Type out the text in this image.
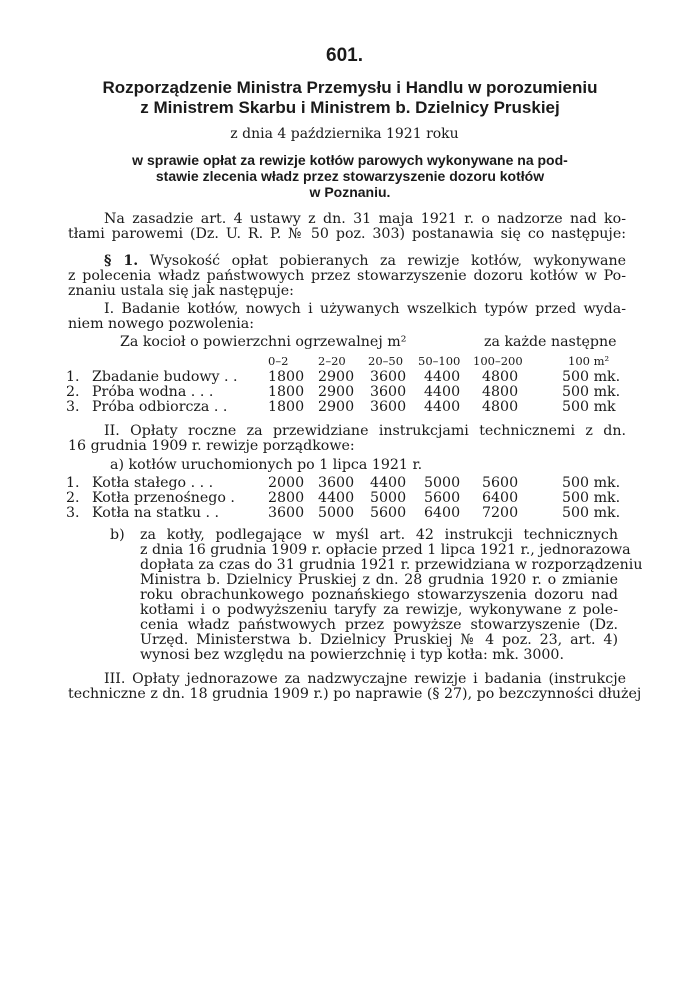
601.
Rozporządzenie Ministra Przemysłu i Handlu w porozumieniu
z Ministrem Skarbu i Ministrem b. Dzielnicy Pruskiej
z dnia 4 października 1921 roku
w sprawie opłat za rewizje kotłów parowych wykonywane na pod-
stawie zlecenia władz przez stowarzyszenie dozoru kotłów
w Poznaniu.
Na zasadzie art. 4 ustawy z dn. 31 maja 1921 r. o nadzorze nad ko-
tłami parowemi (Dz. U. R. P. № 50 poz. 303) postanawia się co następuje:
§ 1. Wysokość opłat pobieranych za rewizje kotłów, wykonywane
z polecenia władz państwowych przez stowarzyszenie dozoru kotłów w Po-
znaniu ustala się jak następuje:
I. Badanie kotłów, nowych i używanych wszelkich typów przed wyda-
niem nowego pozwolenia:
Za kocioł o powierzchni ogrzewalnej m²	za każde następne
0–2	2–20 20–50 50–100 100–200	100 m²
1. Zbadanie budowy . . 1800 2900 3600 4400 4800	500 mk.
2. Próba wodna . . .	1800 2900 3600 4400 4800	500 mk.
3. Próba odbiorcza . .	1800 2900 3600 4400 4800	500 mk
II. Opłaty roczne za przewidziane instrukcjami technicznemi z dn.
16 grudnia 1909 r. rewizje porządkowe:
a) kotłów uruchomionych po 1 lipca 1921 r.
1. Kotła stałego . . .	2000 3600 4400 5000 5600	500 mk.
2. Kotła przenośnego . 2800 4400 5000 5600 6400	500 mk.
3. Kotła na statku . .	3600 5000 5600 6400 7200	500 mk.
b) za kotły, podlegające w myśl art. 42 instrukcji technicznych
z dnia 16 grudnia 1909 r. opłacie przed 1 lipca 1921 r., jednorazowa
dopłata za czas do 31 grudnia 1921 r. przewidziana w rozporządzeniu
Ministra b. Dzielnicy Pruskiej z dn. 28 grudnia 1920 r. o zmianie
roku obrachunkowego poznańskiego stowarzyszenia dozoru nad
kotłami i o podwyższeniu taryfy za rewizje, wykonywane z pole-
cenia władz państwowych przez powyższe stowarzyszenie (Dz.
Urzęd. Ministerstwa b. Dzielnicy Pruskiej № 4 poz. 23, art. 4)
wynosi bez względu na powierzchnię i typ kotła: mk. 3000.
III. Opłaty jednorazowe za nadzwyczajne rewizje i badania (instrukcje
techniczne z dn. 18 grudnia 1909 r.) po naprawie (§ 27), po bezczynności dłużej
